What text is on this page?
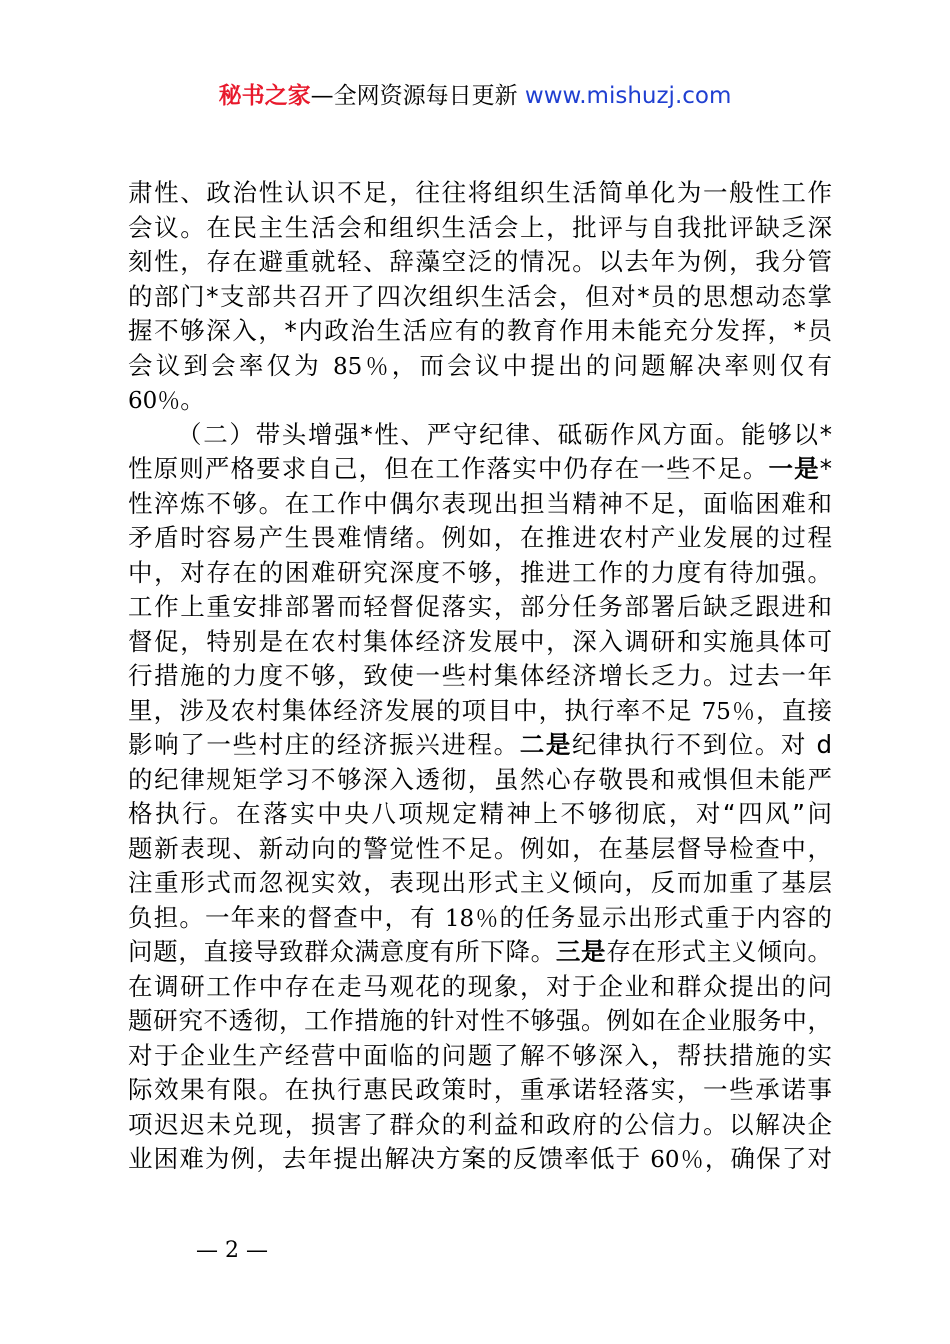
秘书之家—全网资源每日更新 www.mishuzj.com
肃性、政治性认识不足，往往将组织生活简单化为一般性工作
会议。在民主生活会和组织生活会上，批评与自我批评缺乏深
刻性，存在避重就轻、辞藻空泛的情况。以去年为例，我分管
的部门*支部共召开了四次组织生活会，但对*员的思想动态掌
握不够深入，*内政治生活应有的教育作用未能充分发挥，*员
会议到会率仅为 85％，而会议中提出的问题解决率则仅有
60％。
（二）带头增强*性、严守纪律、砥砺作风方面。能够以*
性原则严格要求自己，但在工作落实中仍存在一些不足。一是*
性淬炼不够。在工作中偶尔表现出担当精神不足，面临困难和
矛盾时容易产生畏难情绪。例如，在推进农村产业发展的过程
中，对存在的困难研究深度不够，推进工作的力度有待加强。
工作上重安排部署而轻督促落实，部分任务部署后缺乏跟进和
督促，特别是在农村集体经济发展中，深入调研和实施具体可
行措施的力度不够，致使一些村集体经济增长乏力。过去一年
里，涉及农村集体经济发展的项目中，执行率不足 75％，直接
影响了一些村庄的经济振兴进程。二是纪律执行不到位。对 d
的纪律规矩学习不够深入透彻，虽然心存敬畏和戒惧但未能严
格执行。在落实中央八项规定精神上不够彻底，对“四风”问
题新表现、新动向的警觉性不足。例如，在基层督导检查中，
注重形式而忽视实效，表现出形式主义倾向，反而加重了基层
负担。一年来的督查中，有 18％的任务显示出形式重于内容的
问题，直接导致群众满意度有所下降。三是存在形式主义倾向。
在调研工作中存在走马观花的现象，对于企业和群众提出的问
题研究不透彻，工作措施的针对性不够强。例如在企业服务中，
对于企业生产经营中面临的问题了解不够深入，帮扶措施的实
际效果有限。在执行惠民政策时，重承诺轻落实，一些承诺事
项迟迟未兑现，损害了群众的利益和政府的公信力。以解决企
业困难为例，去年提出解决方案的反馈率低于 60％，确保了对
— 2 —
